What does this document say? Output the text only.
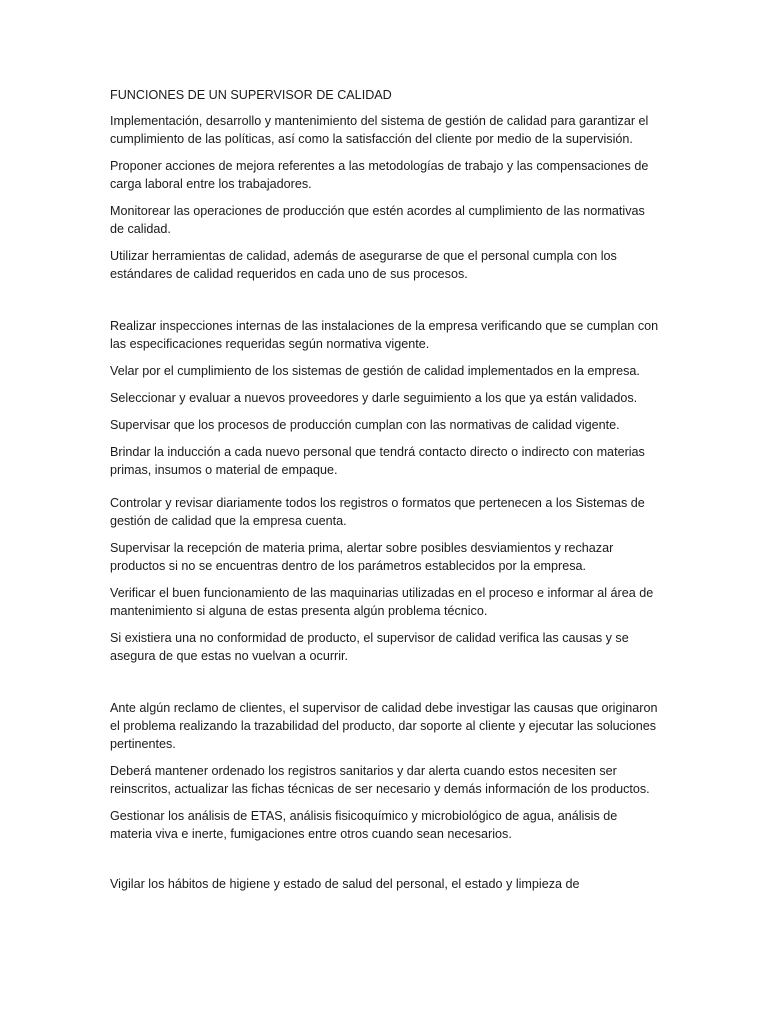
FUNCIONES DE UN SUPERVISOR DE CALIDAD

Implementación, desarrollo y mantenimiento del sistema de gestión de calidad para garantizar el cumplimiento de las políticas, así como la satisfacción del cliente por medio de la supervisión.

Proponer acciones de mejora referentes a las metodologías de trabajo y las compensaciones de carga laboral entre los trabajadores.

Monitorear las operaciones de producción que estén acordes al cumplimiento de las normativas de calidad.

Utilizar herramientas de calidad, además de asegurarse de que el personal cumpla con los estándares de calidad requeridos en cada uno de sus procesos.

Realizar inspecciones internas de las instalaciones de la empresa verificando que se cumplan con las especificaciones requeridas según normativa vigente.

Velar por el cumplimiento de los sistemas de gestión de calidad implementados en la empresa.

Seleccionar y evaluar a nuevos proveedores y darle seguimiento a los que ya están validados.

Supervisar que los procesos de producción cumplan con las normativas de calidad vigente.

Brindar la inducción a cada nuevo personal que tendrá contacto directo o indirecto con materias primas, insumos o material de empaque.

Controlar y revisar diariamente todos los registros o formatos que pertenecen a los Sistemas de gestión de calidad que la empresa cuenta.

Supervisar la recepción de materia prima, alertar sobre posibles desviamientos y rechazar productos si no se encuentras dentro de los parámetros establecidos por la empresa.

Verificar el buen funcionamiento de las maquinarias utilizadas en el proceso e informar al área de mantenimiento si alguna de estas presenta algún problema técnico.

Si existiera una no conformidad de producto, el supervisor de calidad verifica las causas y se asegura de que estas no vuelvan a ocurrir.

Ante algún reclamo de clientes, el supervisor de calidad debe investigar las causas que originaron el problema realizando la trazabilidad del producto, dar soporte al cliente y ejecutar las soluciones pertinentes.

Deberá mantener ordenado los registros sanitarios y dar alerta cuando estos necesiten ser reinscritos, actualizar las fichas técnicas de ser necesario y demás información de los productos.

Gestionar los análisis de ETAS, análisis fisicoquímico y microbiológico de agua, análisis de materia viva e inerte, fumigaciones entre otros cuando sean necesarios.

Vigilar los hábitos de higiene y estado de salud del personal, el estado y limpieza de
